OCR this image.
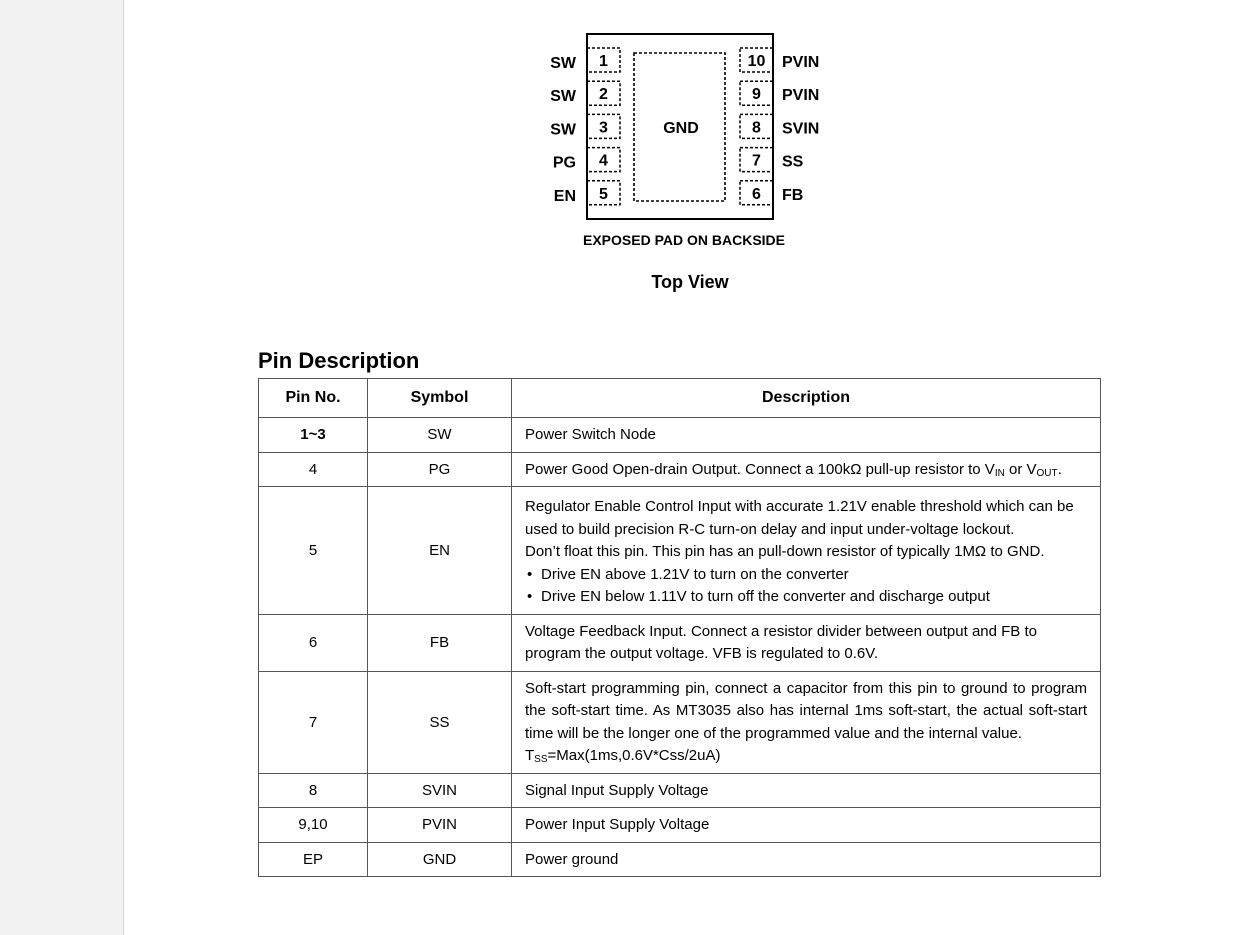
GND
1
SW
2
SW
3
SW
4
PG
5
EN
10 PVIN
9 PVIN
8 SVIN
7 SS
6 FB
EXPOSED PAD ON BACKSIDE
Top View
Pin Description
Pin No.	Symbol	Description
1~3	SW	Power Switch Node
4	PG	Power Good Open-drain Output. Connect a 100kΩ pull-up resistor to $V_{IN}$ or $V_{OUT}$.
5	EN	Regulator Enable Control Input with accurate 1.21V enable threshold which can be used to build precision R-C turn-on delay and input under-voltage lockout.
Don’t float this pin. This pin has an pull-down resistor of typically 1MΩ to GND.
• Drive EN above 1.21V to turn on the converter
• Drive EN below 1.11V to turn off the converter and discharge output

6	FB	Voltage Feedback Input. Connect a resistor divider between output and FB to program the output voltage. VFB is regulated to 0.6V.
7	SS	Soft-start programming pin, connect a capacitor from this pin to ground to program the soft-start time. As MT3035 also has internal 1ms soft-start, the actual soft-start time will be the longer one of the programmed value and the internal value.
$T_{SS}=Max(1ms,0.6V*Css/2uA)$

8	SVIN	Signal Input Supply Voltage
9,10	PVIN	Power Input Supply Voltage
EP	GND	Power ground
